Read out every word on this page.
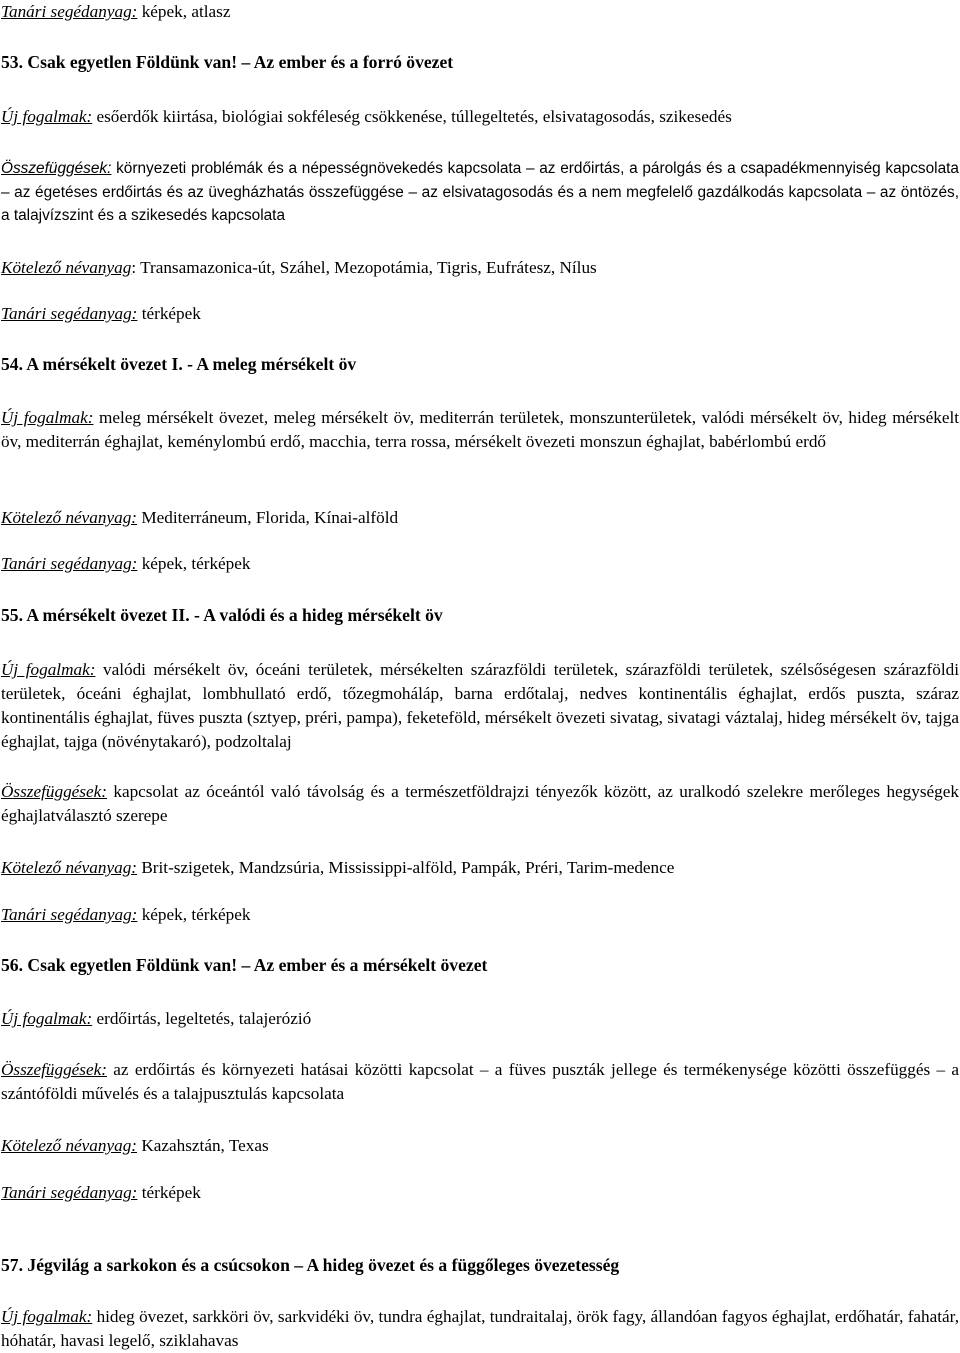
Tanári segédanyag: képek, atlasz

53. Csak egyetlen Földünk van! – Az ember és a forró övezet

Új fogalmak: esőerdők kiirtása, biológiai sokféleség csökkenése, túllegeltetés, elsivatagosodás, szikesedés

Összefüggések: környezeti problémák és a népességnövekedés kapcsolata – az erdőirtás, a párolgás és a csapadékmennyiség kapcsolata – az égetéses erdőirtás és az üvegházhatás összefüggése – az elsivatagosodás és a nem megfelelő gazdálkodás kapcsolata – az öntözés, a talajvízszint és a szikesedés kapcsolata

Kötelező névanyag: Transamazonica-út, Száhel, Mezopotámia, Tigris, Eufrátesz, Nílus

Tanári segédanyag: térképek

54. A mérsékelt övezet I. - A meleg mérsékelt öv

Új fogalmak: meleg mérsékelt övezet, meleg mérsékelt öv, mediterrán területek, monszunterületek, valódi mérsékelt öv, hideg mérsékelt öv, mediterrán éghajlat, keménylombú erdő, macchia, terra rossa, mérsékelt övezeti monszun éghajlat, babérlombú erdő

Kötelező névanyag: Mediterráneum, Florida, Kínai-alföld

Tanári segédanyag: képek, térképek

55. A mérsékelt övezet II. - A valódi és a hideg mérsékelt öv

Új fogalmak: valódi mérsékelt öv, óceáni területek, mérsékelten szárazföldi területek, szárazföldi területek, szélsőségesen szárazföldi területek, óceáni éghajlat, lombhullató erdő, tőzegmoháláp, barna erdőtalaj, nedves kontinentális éghajlat, erdős puszta, száraz kontinentális éghajlat, füves puszta (sztyep, préri, pampa), feketeföld, mérsékelt övezeti sivatag, sivatagi váztalaj, hideg mérsékelt öv, tajga éghajlat, tajga (növénytakaró), podzoltalaj

Összefüggések: kapcsolat az óceántól való távolság és a természetföldrajzi tényezők között, az uralkodó szelekre merőleges hegységek éghajlatválasztó szerepe

Kötelező névanyag: Brit-szigetek, Mandzsúria, Mississippi-alföld, Pampák, Préri, Tarim-medence

Tanári segédanyag: képek, térképek

56. Csak egyetlen Földünk van! – Az ember és a mérsékelt övezet

Új fogalmak: erdőirtás, legeltetés, talajerózió

Összefüggések: az erdőirtás és környezeti hatásai közötti kapcsolat – a füves puszták jellege és termékenysége közötti összefüggés – a szántóföldi művelés és a talajpusztulás kapcsolata

Kötelező névanyag: Kazahsztán, Texas

Tanári segédanyag: térképek

57. Jégvilág a sarkokon és a csúcsokon – A hideg övezet és a függőleges övezetesség

Új fogalmak: hideg övezet, sarkköri öv, sarkvidéki öv, tundra éghajlat, tundraitalaj, örök fagy, állandóan fagyos éghajlat, erdőhatár, fahatár, hóhatár, havasi legelő, sziklahavas
